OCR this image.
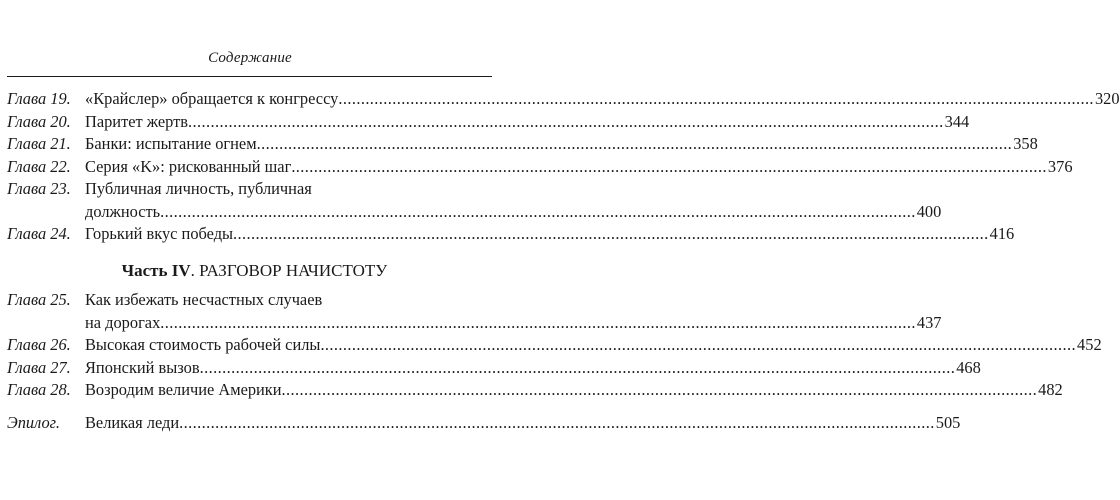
Содержание
Глава 19. «Крайслер» обращается к конгрессу .....	320
Глава 20. Паритет жертв .....	344
Глава 21. Банки: испытание огнем .....	358
Глава 22. Серия «K»: рискованный шаг .....	376
Глава 23. Публичная личность, публичная
должность .....	400
Глава 24. Горький вкус победы .....	416
Часть IV. РАЗГОВОР НАЧИСТОТУ
Глава 25. Как избежать несчастных случаев
на дорогах .....	437
Глава 26. Высокая стоимость рабочей силы .....	452
Глава 27. Японский вызов .....	468
Глава 28. Возродим величие Америки .....	482
Эпилог.	Великая леди .....	505
